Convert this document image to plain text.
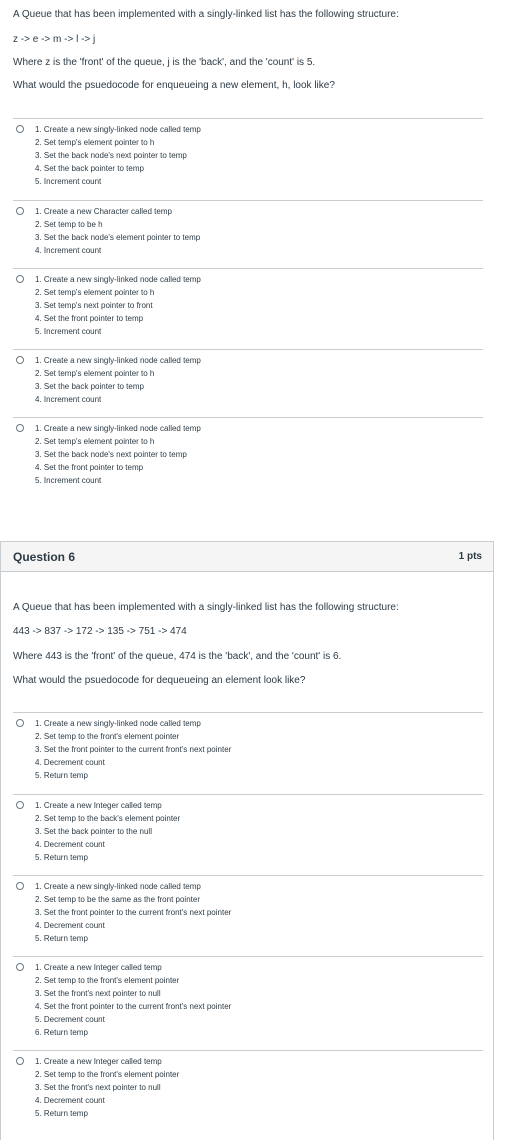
A Queue that has been implemented with a singly-linked list has the following structure:
z -> e -> m -> l -> j
Where z is the 'front' of the queue, j is the 'back', and the 'count' is 5.
What would the psuedocode for enqueueing a new element, h, look like?
1. Create a new singly-linked node called temp
2. Set temp's element pointer to h
3. Set the back node's next pointer to temp
4. Set the back pointer to temp
5. Increment count
1. Create a new Character called temp
2. Set temp to be h
3. Set the back node's element pointer to temp
4. Increment count
1. Create a new singly-linked node called temp
2. Set temp's element pointer to h
3. Set temp's next pointer to front
4. Set the front pointer to temp
5. Increment count
1. Create a new singly-linked node called temp
2. Set temp's element pointer to h
3. Set the back pointer to temp
4. Increment count
1. Create a new singly-linked node called temp
2. Set temp's element pointer to h
3. Set the back node's next pointer to temp
4. Set the front pointer to temp
5. Increment count
Question 6	1 pts
A Queue that has been implemented with a singly-linked list has the following structure:
443 -> 837 -> 172 -> 135 -> 751 -> 474
Where 443 is the 'front' of the queue, 474 is the 'back', and the 'count' is 6.
What would the psuedocode for dequeueing an element look like?
1. Create a new singly-linked node called temp
2. Set temp to the front's element pointer
3. Set the front pointer to the current front's next pointer
4. Decrement count
5. Return temp
1. Create a new Integer called temp
2. Set temp to the back's element pointer
3. Set the back pointer to the null
4. Decrement count
5. Return temp
1. Create a new singly-linked node called temp
2. Set temp to be the same as the front pointer
3. Set the front pointer to the current front's next pointer
4. Decrement count
5. Return temp
1. Create a new Integer called temp
2. Set temp to the front's element pointer
3. Set the front's next pointer to null
4. Set the front pointer to the current front's next pointer
5. Decrement count
6. Return temp
1. Create a new Integer called temp
2. Set temp to the front's element pointer
3. Set the front's next pointer to null
4. Decrement count
5. Return temp
